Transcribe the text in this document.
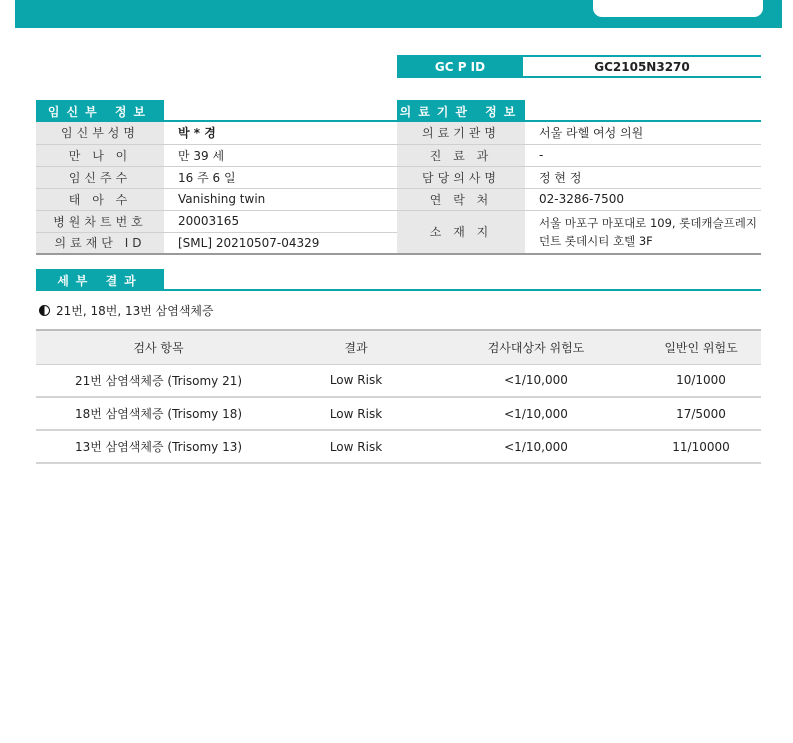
GC P ID	GC2105N3270
임신부 정보
임신부성명	박 * 경
만 나 이	만 39 세
임신주수	16 주 6 일
태 아 수	Vanishing twin
병원차트번호	20003165
의료재단 ID	[SML] 20210507-04329
의료기관 정보
의료기관명	서울 라헬 여성 의원
진 료 과	-
담당의사명	정 현 정
연 락 처	02-3286-7500
소 재 지	서울 마포구 마포대로 109, 롯데캐슬프레지
던트 롯데시티 호텔 3F
세부 결과
21번, 18번, 13번 삼염색체증
검사 항목	결과	검사대상자 위험도	일반인 위험도
21번 삼염색체증 (Trisomy 21)	Low Risk	<1/10,000	10/1000
18번 삼염색체증 (Trisomy 18)	Low Risk	<1/10,000	17/5000
13번 삼염색체증 (Trisomy 13)	Low Risk	<1/10,000	11/10000
